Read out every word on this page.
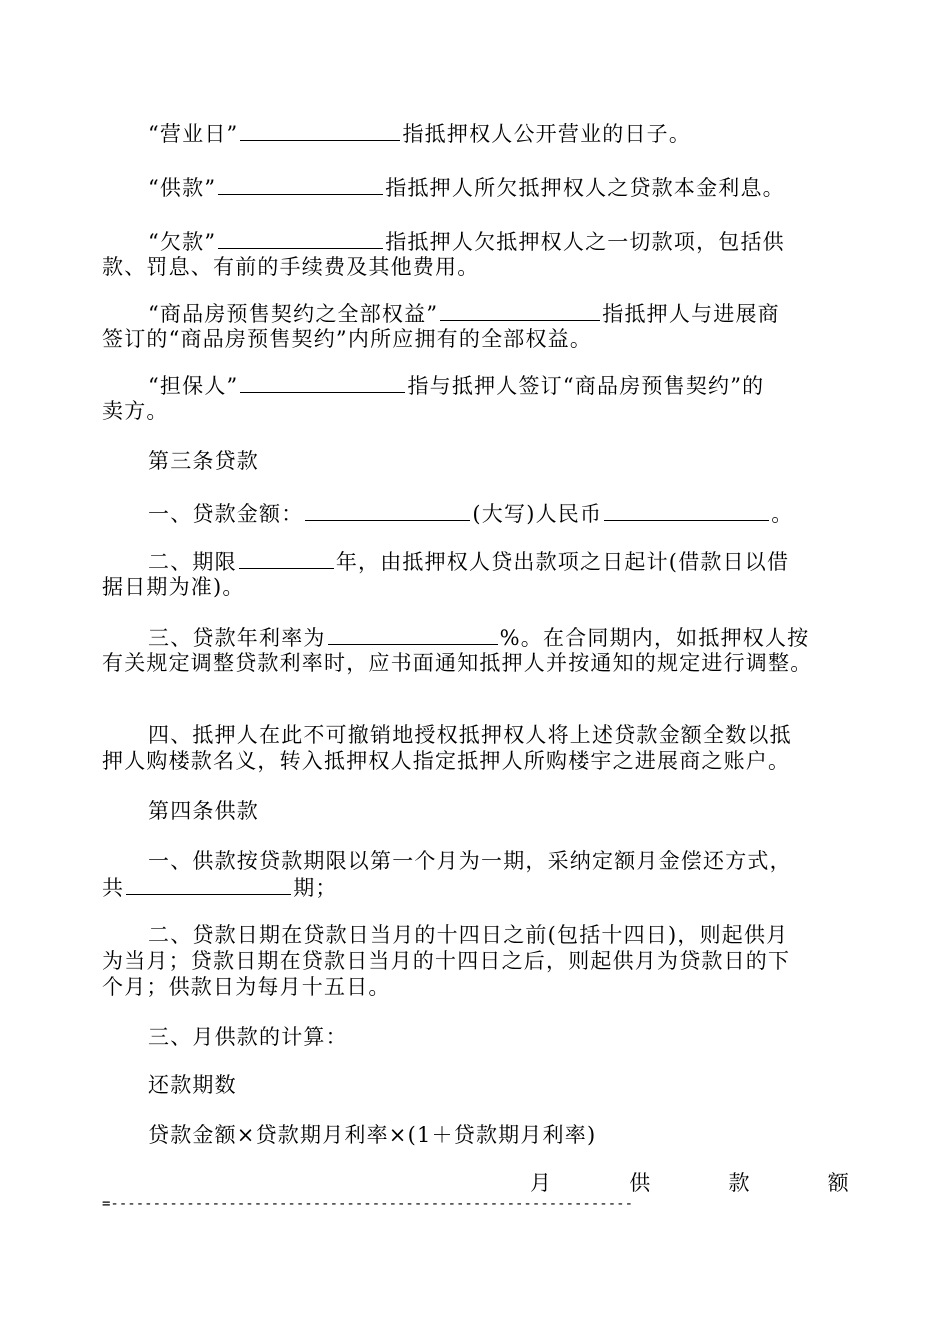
“营业日”	指抵押权人公开营业的日子。

“供款”	指抵押人所欠抵押权人之贷款本金利息。

“欠款”	指抵押人欠抵押权人之一切款项，包括供

款、罚息、有前的手续费及其他费用。

“商品房预售契约之全部权益”	指抵押人与进展商

签订的“商品房预售契约”内所应拥有的全部权益。

“担保人”	指与抵押人签订“商品房预售契约”的

卖方。

第三条贷款

一、贷款金额：	(大写)人民币	。

二、期限	年，由抵押权人贷出款项之日起计(借款日以借

据日期为准)。

三、贷款年利率为	%。在合同期内，如抵押权人按

有关规定调整贷款利率时，应书面通知抵押人并按通知的规定进行调整。

四、抵押人在此不可撤销地授权抵押权人将上述贷款金额全数以抵

押人购楼款名义，转入抵押权人指定抵押人所购楼宇之进展商之账户。

第四条供款

一、供款按贷款期限以第一个月为一期，采纳定额月金偿还方式，

共	期；

二、贷款日期在贷款日当月的十四日之前(包括十四日)，则起供月

为当月；贷款日期在贷款日当月的十四日之后，则起供月为贷款日的下

个月；供款日为每月十五日。

三、月供款的计算：

还款期数

贷款金额×贷款期月利率×(1＋贷款期月利率)

月	供	款	额
=--------------------------------------------------------------
